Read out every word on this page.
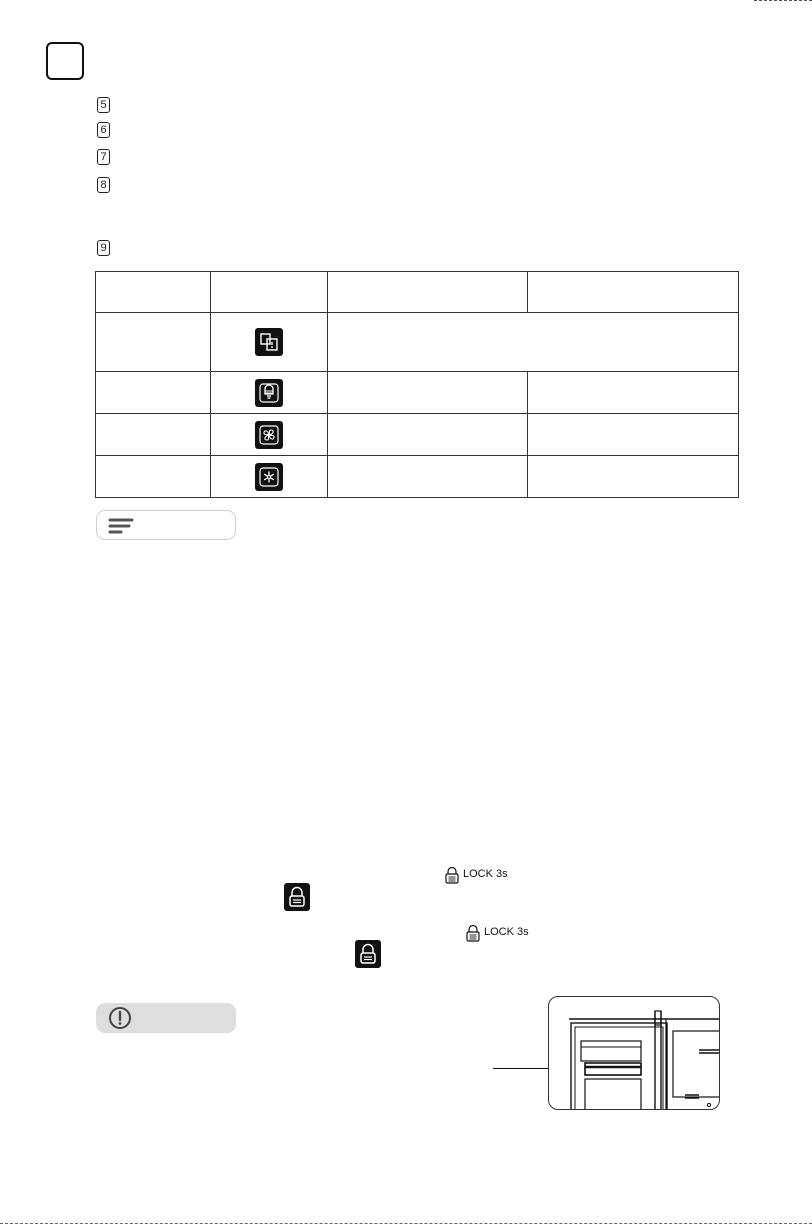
5
6
7
8
9

LOCK 3s
LOCK 3s
